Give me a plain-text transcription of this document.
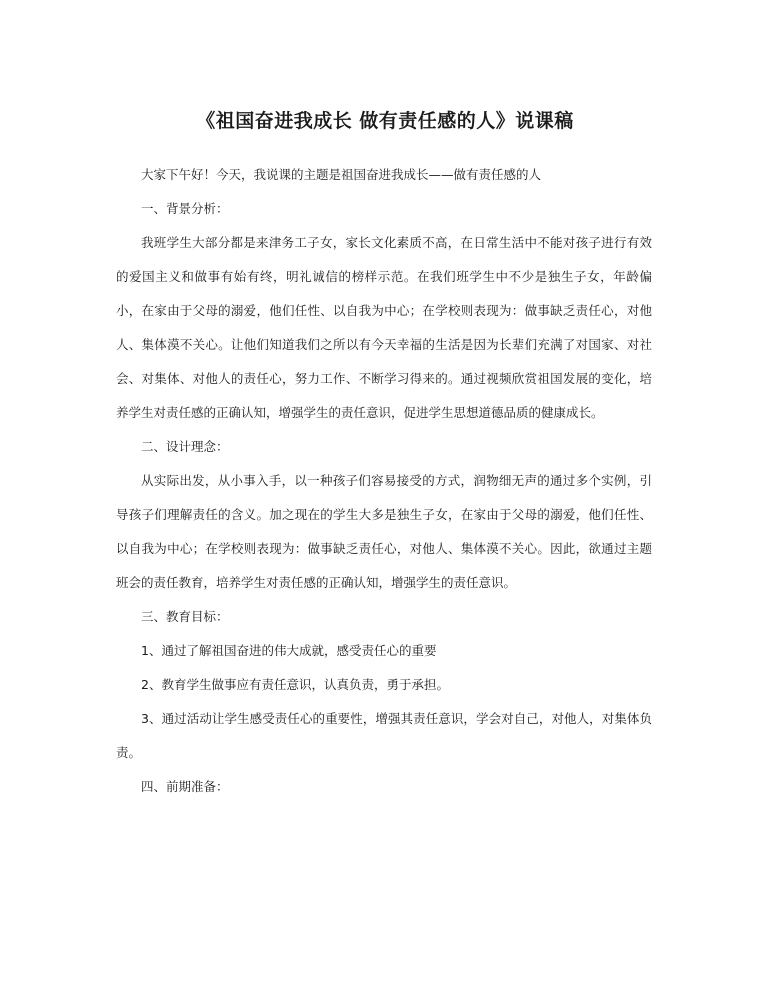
《祖国奋进我成长 做有责任感的人》说课稿

大家下午好！今天，我说课的主题是祖国奋进我成长——做有责任感的人

一、背景分析：

我班学生大部分都是来津务工子女，家长文化素质不高，在日常生活中不能对孩子进行有效的爱国主义和做事有始有终，明礼诚信的榜样示范。在我们班学生中不少是独生子女，年龄偏小，在家由于父母的溺爱，他们任性、以自我为中心；在学校则表现为：做事缺乏责任心，对他人、集体漠不关心。让他们知道我们之所以有今天幸福的生活是因为长辈们充满了对国家、对社会、对集体、对他人的责任心，努力工作、不断学习得来的。通过视频欣赏祖国发展的变化，培养学生对责任感的正确认知，增强学生的责任意识，促进学生思想道德品质的健康成长。

二、设计理念：

从实际出发，从小事入手，以一种孩子们容易接受的方式，润物细无声的通过多个实例，引导孩子们理解责任的含义。加之现在的学生大多是独生子女，在家由于父母的溺爱，他们任性、以自我为中心；在学校则表现为：做事缺乏责任心，对他人、集体漠不关心。因此，欲通过主题班会的责任教育，培养学生对责任感的正确认知，增强学生的责任意识。

三、教育目标：

1、通过了解祖国奋进的伟大成就，感受责任心的重要

2、教育学生做事应有责任意识，认真负责，勇于承担。

3、通过活动让学生感受责任心的重要性，增强其责任意识，学会对自己，对他人，对集体负责。

四、前期准备：
